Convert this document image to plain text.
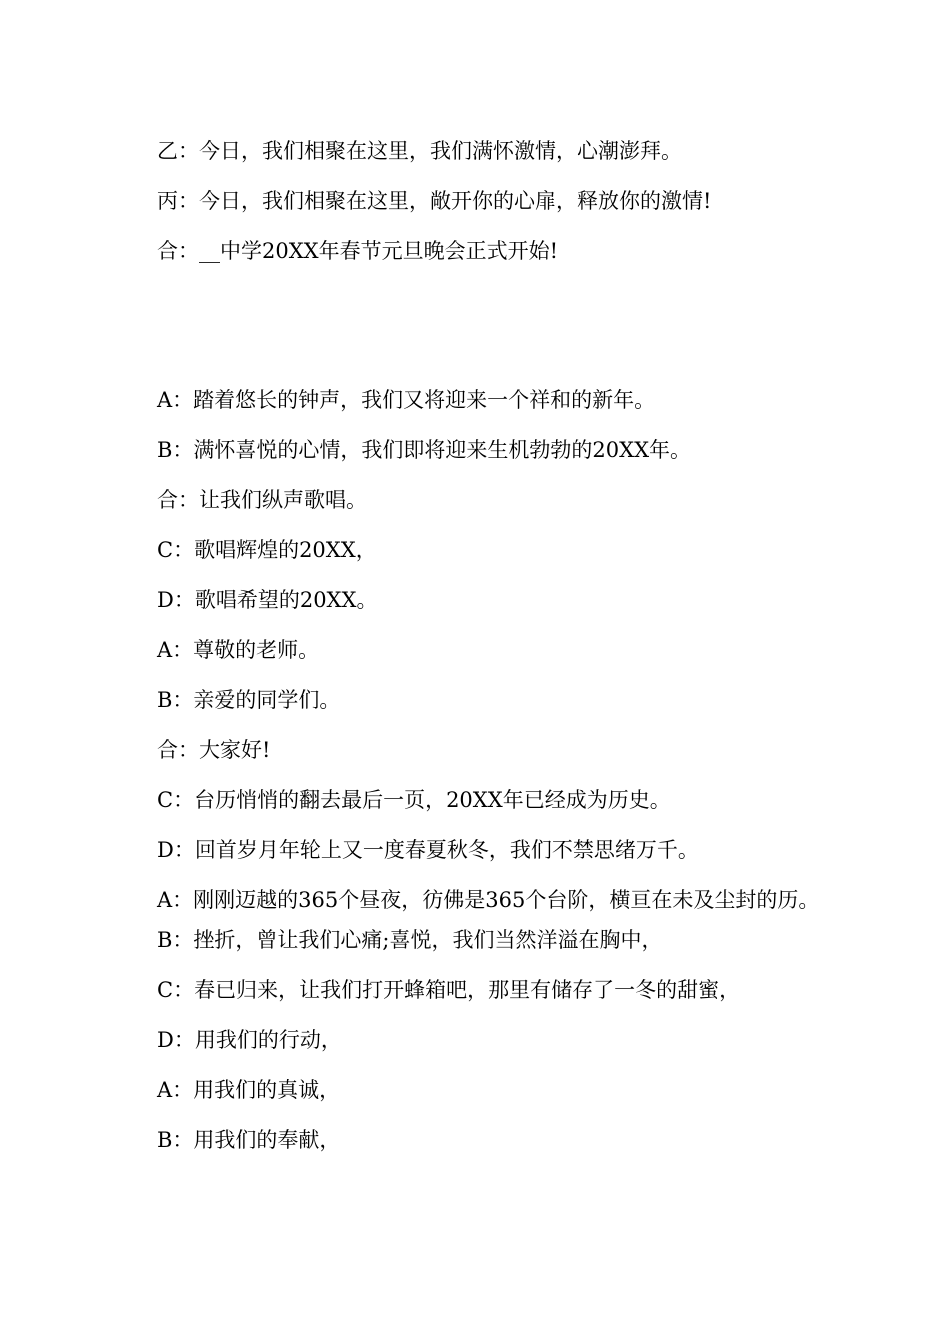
乙：今日，我们相聚在这里，我们满怀激情，心潮澎拜。
丙：今日，我们相聚在这里，敞开你的心扉，释放你的激情!
合：__中学20XX年春节元旦晚会正式开始!
A：踏着悠长的钟声，我们又将迎来一个祥和的新年。
B：满怀喜悦的心情，我们即将迎来生机勃勃的20XX年。
合：让我们纵声歌唱。
C：歌唱辉煌的20XX，
D：歌唱希望的20XX。
A：尊敬的老师。
B：亲爱的同学们。
合：大家好!
C：台历悄悄的翻去最后一页，20XX年已经成为历史。
D：回首岁月年轮上又一度春夏秋冬，我们不禁思绪万千。
A：刚刚迈越的365个昼夜，彷佛是365个台阶，横亘在未及尘封的历。
B：挫折，曾让我们心痛;喜悦，我们当然洋溢在胸中，
C：春已归来，让我们打开蜂箱吧，那里有储存了一冬的甜蜜，
D：用我们的行动，
A：用我们的真诚，
B：用我们的奉献，
